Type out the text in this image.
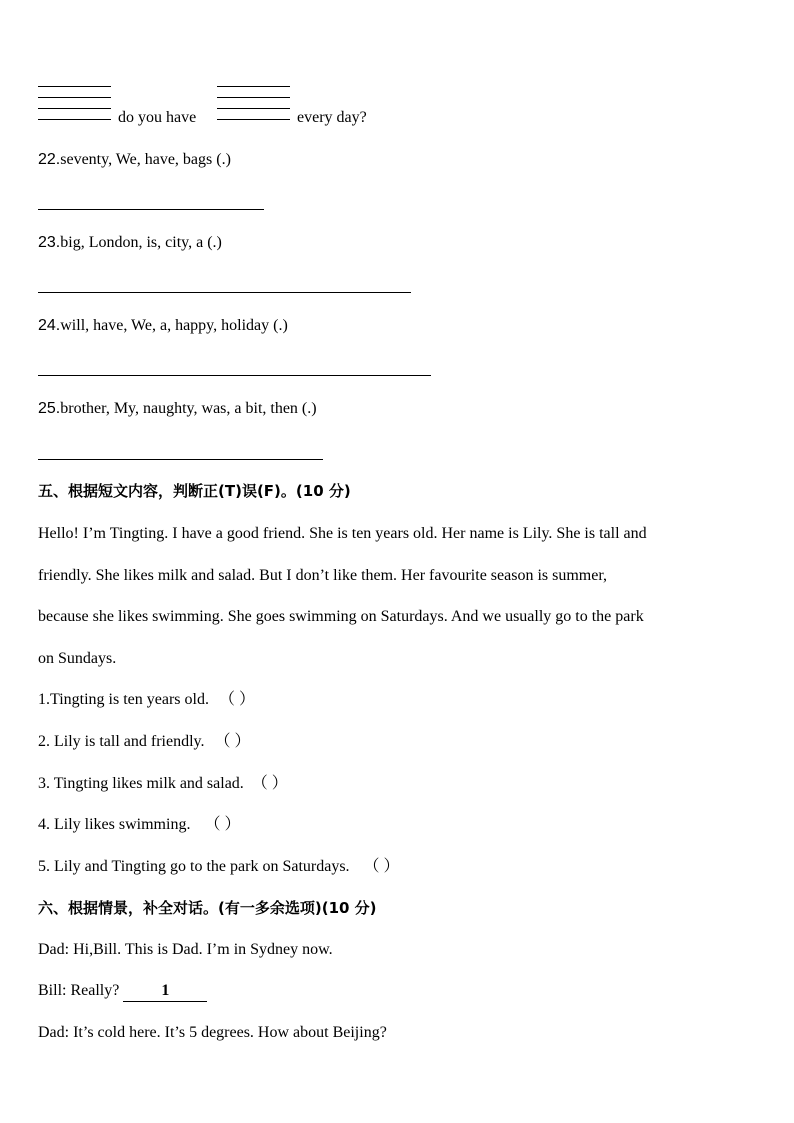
do you have	every day?
22.seventy, We, have, bags (.)
23.big, London, is, city, a (.)
24.will, have, We, a, happy, holiday (.)
25.brother, My, naughty, was, a bit, then (.)
五、根据短文内容，判断正(T)误(F)。(10 分)
Hello! I’m Tingting. I have a good friend. She is ten years old. Her name is Lily. She is tall and
friendly. She likes milk and salad. But I don’t like them. Her favourite season is summer,
because she likes swimming. She goes swimming on Saturdays. And we usually go to the park
on Sundays.
1.Tingting is ten years old. （ ）
2. Lily is tall and friendly. （ ）
3. Tingting likes milk and salad. （ ）
4. Lily likes swimming. （ ）
5. Lily and Tingting go to the park on Saturdays. （ ）
六、根据情景，补全对话。(有一多余选项)(10 分)
Dad: Hi,Bill. This is Dad. I’m in Sydney now.
Bill: Really? 1
Dad: It’s cold here. It’s 5 degrees. How about Beijing?
